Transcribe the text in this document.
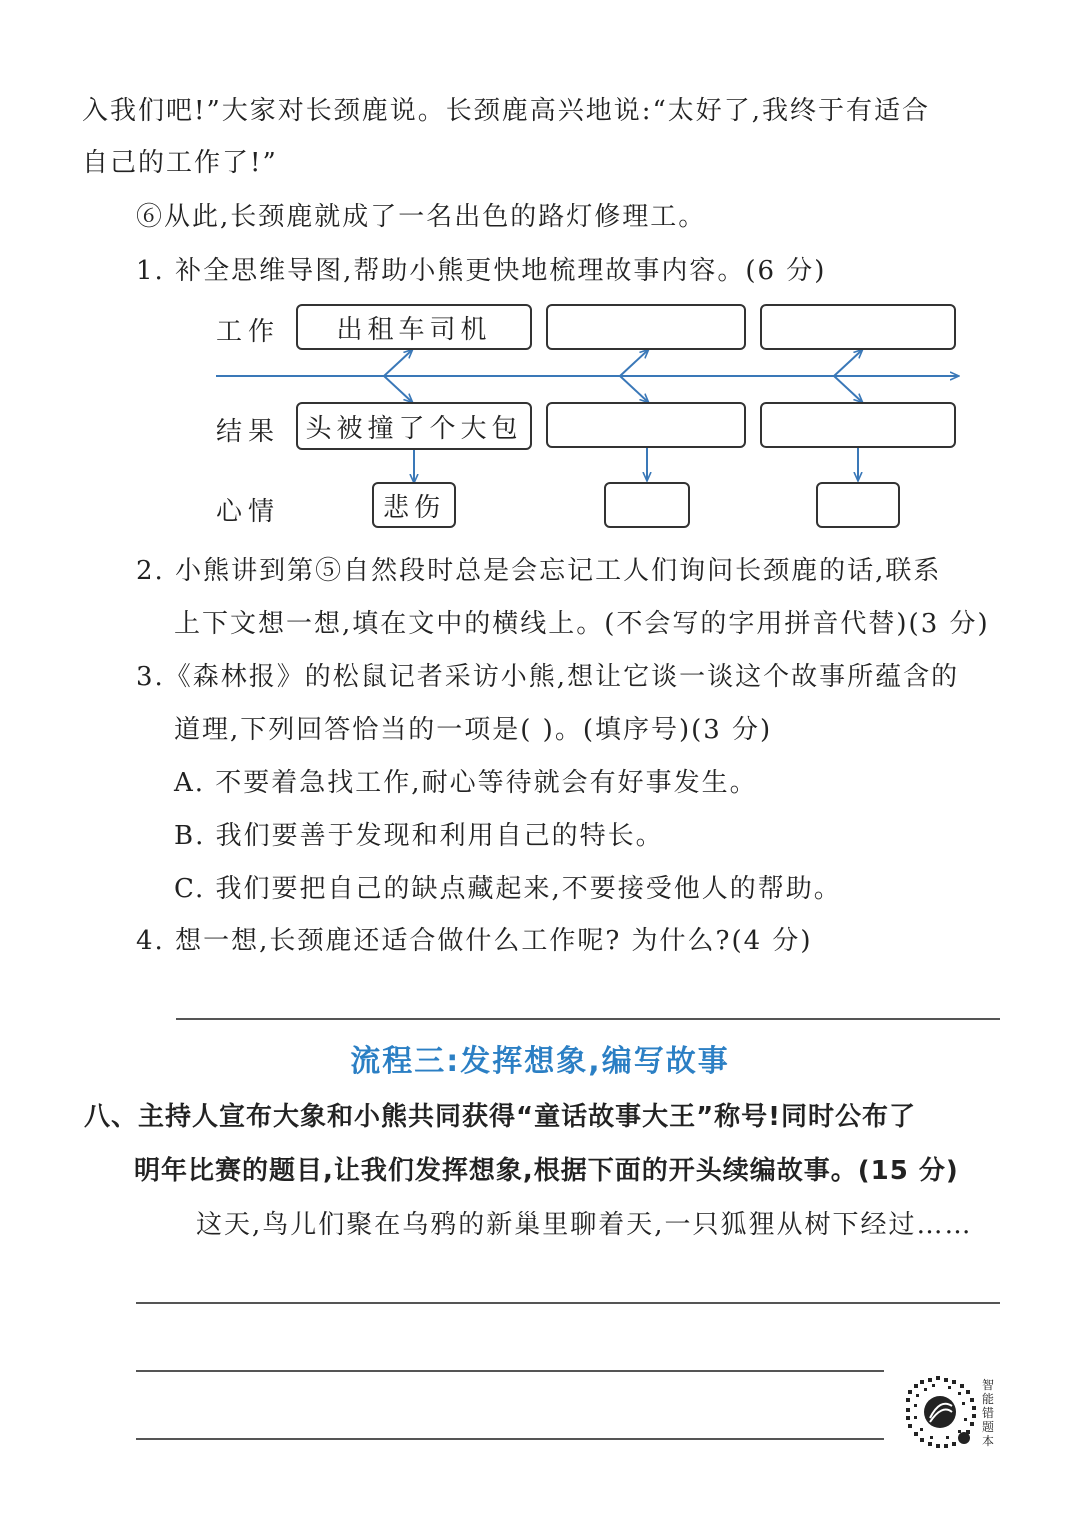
入我们吧!”大家对长颈鹿说。长颈鹿高兴地说:“太好了,我终于有适合
自己的工作了!”
⑥从此,长颈鹿就成了一名出色的路灯修理工。
1. 补全思维导图,帮助小熊更快地梳理故事内容。(6 分)
工作
结果
心情
出租车司机
头被撞了个大包
悲伤
2. 小熊讲到第⑤自然段时总是会忘记工人们询问长颈鹿的话,联系
上下文想一想,填在文中的横线上。(不会写的字用拼音代替)(3 分)
3.《森林报》的松鼠记者采访小熊,想让它谈一谈这个故事所蕴含的
道理,下列回答恰当的一项是( )。(填序号)(3 分)
A. 不要着急找工作,耐心等待就会有好事发生。
B. 我们要善于发现和利用自己的特长。
C. 我们要把自己的缺点藏起来,不要接受他人的帮助。
4. 想一想,长颈鹿还适合做什么工作呢? 为什么?(4 分)
流程三:发挥想象,编写故事
八、主持人宣布大象和小熊共同获得“童话故事大王”称号!同时公布了
明年比赛的题目,让我们发挥想象,根据下面的开头续编故事。(15 分)
这天,鸟儿们聚在乌鸦的新巢里聊着天,一只狐狸从树下经过……
智能错题本
